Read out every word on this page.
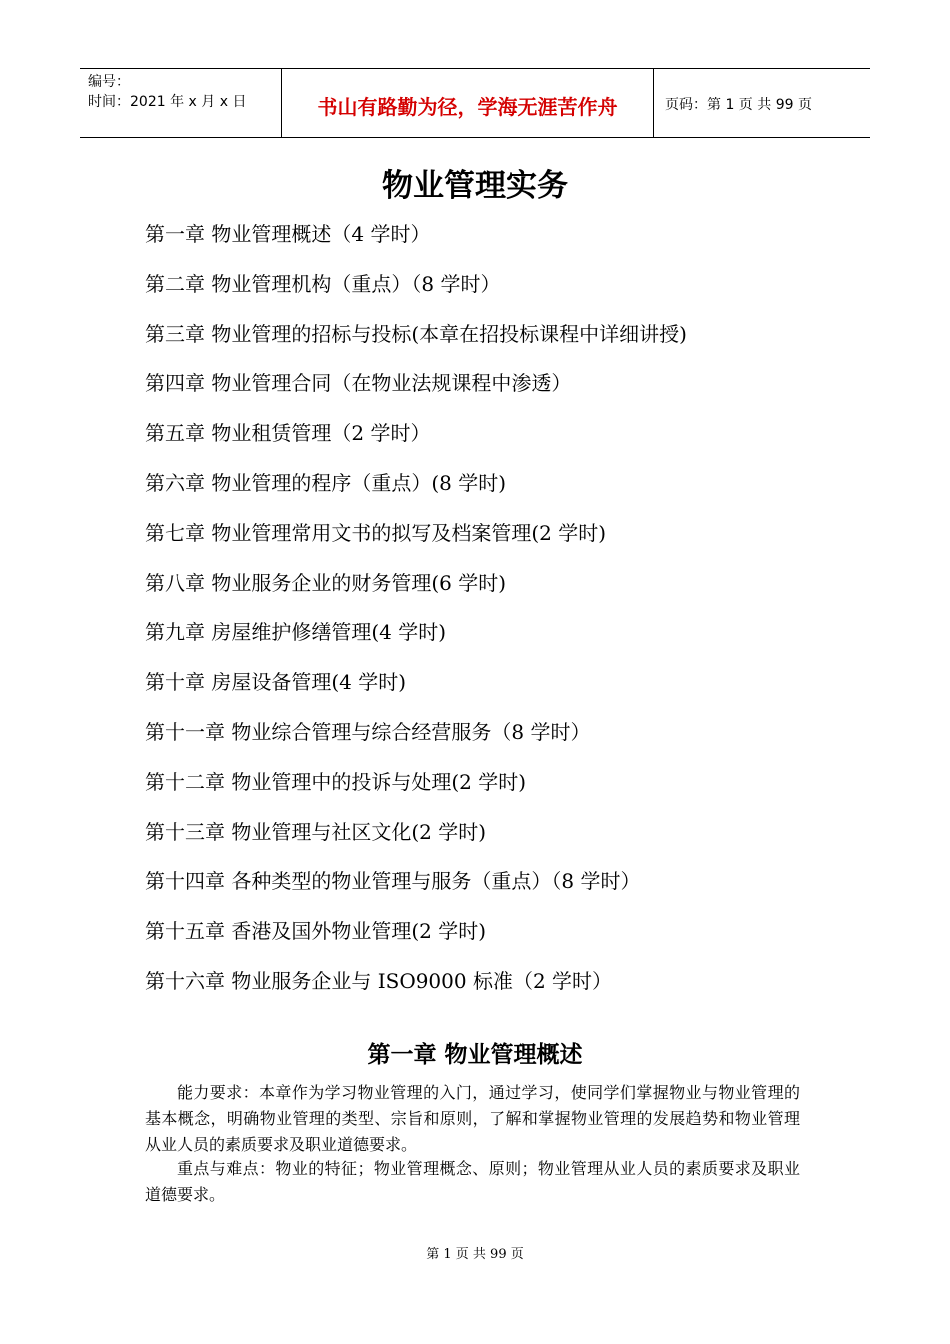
编号：
时间：2021 年 x 月 x 日	书山有路勤为径，学海无涯苦作舟	页码：第 1 页 共 99 页
物业管理实务
第一章 物业管理概述（4 学时）
第二章 物业管理机构（重点）（8 学时）
第三章 物业管理的招标与投标(本章在招投标课程中详细讲授)
第四章 物业管理合同（在物业法规课程中渗透）
第五章 物业租赁管理（2 学时）
第六章 物业管理的程序（重点）(8 学时)
第七章 物业管理常用文书的拟写及档案管理(2 学时)
第八章 物业服务企业的财务管理(6 学时)
第九章 房屋维护修缮管理(4 学时)
第十章 房屋设备管理(4 学时)
第十一章 物业综合管理与综合经营服务（8 学时）
第十二章 物业管理中的投诉与处理(2 学时)
第十三章 物业管理与社区文化(2 学时)
第十四章 各种类型的物业管理与服务（重点）（8 学时）
第十五章 香港及国外物业管理(2 学时)
第十六章 物业服务企业与 ISO9000 标准（2 学时）
第一章 物业管理概述

能力要求：本章作为学习物业管理的入门，通过学习，使同学们掌握物业与物业管理的基本概念，明确物业管理的类型、宗旨和原则，了解和掌握物业管理的发展趋势和物业管理从业人员的素质要求及职业道德要求。

重点与难点：物业的特征；物业管理概念、原则；物业管理从业人员的素质要求及职业道德要求。

第 1 页 共 99 页
